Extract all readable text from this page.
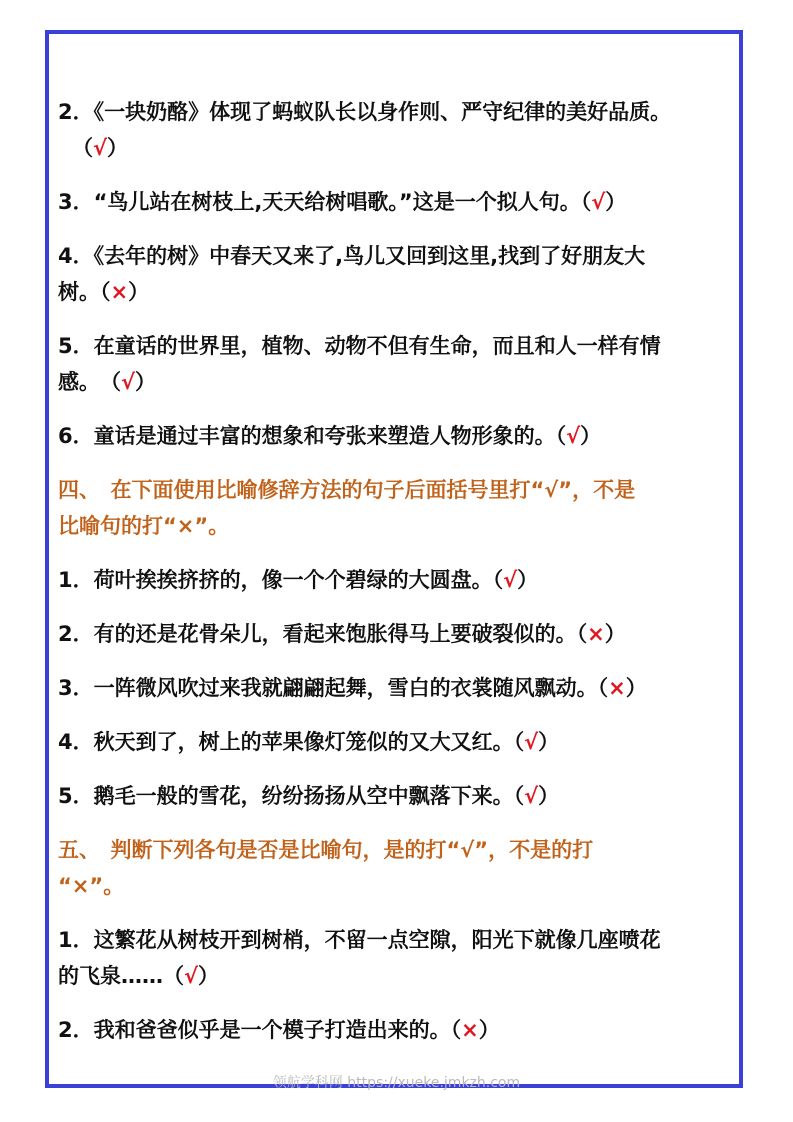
2．《一块奶酪》体现了蚂蚁队长以身作则、严守纪律的美好品质。

（√）

3．“鸟儿站在树枝上,天天给树唱歌。”这是一个拟人句。（√）

4．《去年的树》中春天又来了,鸟儿又回到这里,找到了好朋友大

树。（×）

5．在童话的世界里，植物、动物不但有生命，而且和人一样有情

感。　（√）

6．童话是通过丰富的想象和夸张来塑造人物形象的。（√）

四、　在下面使用比喻修辞方法的句子后面括号里打“√”，不是

比喻句的打“×”。

1．荷叶挨挨挤挤的，像一个个碧绿的大圆盘。（√）

2．有的还是花骨朵儿，看起来饱胀得马上要破裂似的。（×）

3．一阵微风吹过来我就翩翩起舞，雪白的衣裳随风飘动。（×）

4．秋天到了，树上的苹果像灯笼似的又大又红。（√）

5．鹅毛一般的雪花，纷纷扬扬从空中飘落下来。（√）

五、　判断下列各句是否是比喻句，是的打“√”，不是的打

“×”。

1．这繁花从树枝开到树梢，不留一点空隙，阳光下就像几座喷花

的飞泉……（√）

2．我和爸爸似乎是一个模子打造出来的。（×）

领航学科网 https://xueke.jmkzh.com
